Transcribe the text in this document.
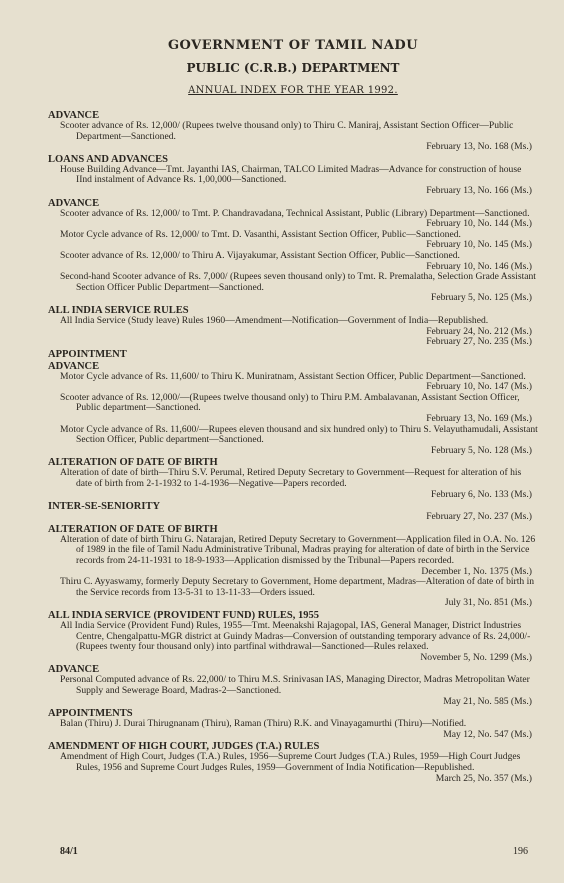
GOVERNMENT OF TAMIL NADU
PUBLIC (C.R.B.) DEPARTMENT
ANNUAL INDEX FOR THE YEAR 1992.
ADVANCE
Scooter advance of Rs. 12,000/ (Rupees twelve thousand only) to Thiru C. Maniraj, Assistant Section Officer—Public Department—Sanctioned.
February 13, No. 168 (Ms.)
LOANS AND ADVANCES
House Building Advance—Tmt. Jayanthi IAS, Chairman, TALCO Limited Madras—Advance for construction of house IInd instalment of Advance Rs. 1,00,000—Sanctioned.
February 13, No. 166 (Ms.)
ADVANCE
Scooter advance of Rs. 12,000/ to Tmt. P. Chandravadana, Technical Assistant, Public (Library) Department—Sanctioned.
February 10, No. 144 (Ms.)
Motor Cycle advance of Rs. 12,000/ to Tmt. D. Vasanthi, Assistant Section Officer, Public—Sanctioned.
February 10, No. 145 (Ms.)
Scooter advance of Rs. 12,000/ to Thiru A. Vijayakumar, Assistant Section Officer, Public—Sanctioned.
February 10, No. 146 (Ms.)
Second-hand Scooter advance of Rs. 7,000/ (Rupees seven thousand only) to Tmt. R. Premalatha, Selection Grade Assistant Section Officer Public Department—Sanctioned.
February 5, No. 125 (Ms.)
ALL INDIA SERVICE RULES
All India Service (Study leave) Rules 1960—Amendment—Notification—Government of India—Republished.
February 24, No. 212 (Ms.)
February 27, No. 235 (Ms.)
APPOINTMENT
ADVANCE
Motor Cycle advance of Rs. 11,600/ to Thiru K. Muniratnam, Assistant Section Officer, Public Department—Sanctioned.
February 10, No. 147 (Ms.)
Scooter advance of Rs. 12,000/—(Rupees twelve thousand only) to Thiru P.M. Ambalavanan, Assistant Section Officer, Public department—Sanctioned.
February 13, No. 169 (Ms.)
Motor Cycle advance of Rs. 11,600/—Rupees eleven thousand and six hundred only) to Thiru S. Velayuthamudali, Assistant Section Officer, Public department—Sanctioned.
February 5, No. 128 (Ms.)
ALTERATION OF DATE OF BIRTH
Alteration of date of birth—Thiru S.V. Perumal, Retired Deputy Secretary to Government—Request for alteration of his date of birth from 2-1-1932 to 1-4-1936—Negative—Papers recorded.
February 6, No. 133 (Ms.)
INTER-SE-SENIORITY
February 27, No. 237 (Ms.)
ALTERATION OF DATE OF BIRTH
Alteration of date of birth Thiru G. Natarajan, Retired Deputy Secretary to Government—Application filed in O.A. No. 126 of 1989 in the file of Tamil Nadu Administrative Tribunal, Madras praying for alteration of date of birth in the Service records from 24-11-1931 to 18-9-1933—Application dismissed by the Tribunal—Papers recorded.
December 1, No. 1375 (Ms.)
Thiru C. Ayyaswamy, formerly Deputy Secretary to Government, Home department, Madras—Alteration of date of birth in the Service records from 13-5-31 to 13-11-33—Orders issued.
July 31, No. 851 (Ms.)
ALL INDIA SERVICE (PROVIDENT FUND) RULES, 1955
All India Service (Provident Fund) Rules, 1955—Tmt. Meenakshi Rajagopal, IAS, General Manager, District Industries Centre, Chengalpattu-MGR district at Guindy Madras—Conversion of outstanding temporary advance of Rs. 24,000/- (Rupees twenty four thousand only) into partfinal withdrawal—Sanctioned—Rules relaxed.
November 5, No. 1299 (Ms.)
ADVANCE
Personal Computed advance of Rs. 22,000/ to Thiru M.S. Srinivasan IAS, Managing Director, Madras Metropolitan Water Supply and Sewerage Board, Madras-2—Sanctioned.
May 21, No. 585 (Ms.)
APPOINTMENTS
Balan (Thiru) J. Durai Thirugnanam (Thiru), Raman (Thiru) R.K. and Vinayagamurthi (Thiru)—Notified.
May 12, No. 547 (Ms.)
AMENDMENT OF HIGH COURT, JUDGES (T.A.) RULES
Amendment of High Court, Judges (T.A.) Rules, 1956—Supreme Court Judges (T.A.) Rules, 1959—High Court Judges Rules, 1956 and Supreme Court Judges Rules, 1959—Government of India Notification—Republished.
March 25, No. 357 (Ms.)
84/1	196
